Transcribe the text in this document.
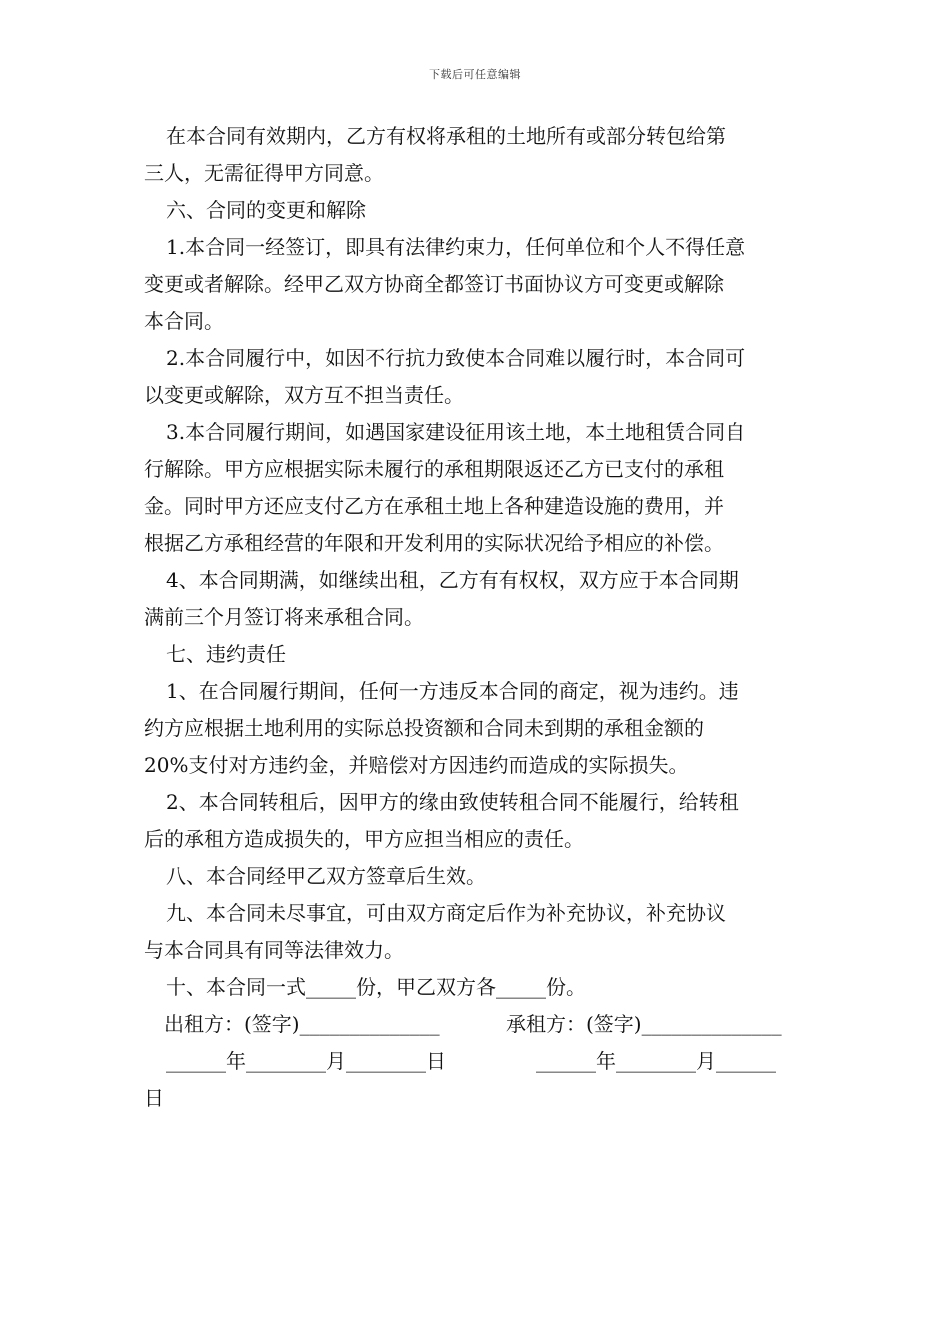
下载后可任意编辑
在本合同有效期内，乙方有权将承租的土地所有或部分转包给第
三人，无需征得甲方同意。
六、合同的变更和解除
1.本合同一经签订，即具有法律约束力，任何单位和个人不得任意
变更或者解除。经甲乙双方协商全都签订书面协议方可变更或解除
本合同。
2.本合同履行中，如因不行抗力致使本合同难以履行时，本合同可
以变更或解除，双方互不担当责任。
3.本合同履行期间，如遇国家建设征用该土地，本土地租赁合同自
行解除。甲方应根据实际未履行的承租期限返还乙方已支付的承租
金。同时甲方还应支付乙方在承租土地上各种建造设施的费用，并
根据乙方承租经营的年限和开发利用的实际状况给予相应的补偿。
4、本合同期满，如继续出租，乙方有有权权，双方应于本合同期
满前三个月签订将来承租合同。
七、违约责任
1、在合同履行期间，任何一方违反本合同的商定，视为违约。违
约方应根据土地利用的实际总投资额和合同未到期的承租金额的
20%支付对方违约金，并赔偿对方因违约而造成的实际损失。
2、本合同转租后，因甲方的缘由致使转租合同不能履行，给转租
后的承租方造成损失的，甲方应担当相应的责任。
八、本合同经甲乙双方签章后生效。
九、本合同未尽事宜，可由双方商定后作为补充协议，补充协议
与本合同具有同等法律效力。
十、本合同一式_____份，甲乙双方各_____份。
出租方：(签字)______________	承租方：(签字)______________
______年________月________日	______年________月______
日
